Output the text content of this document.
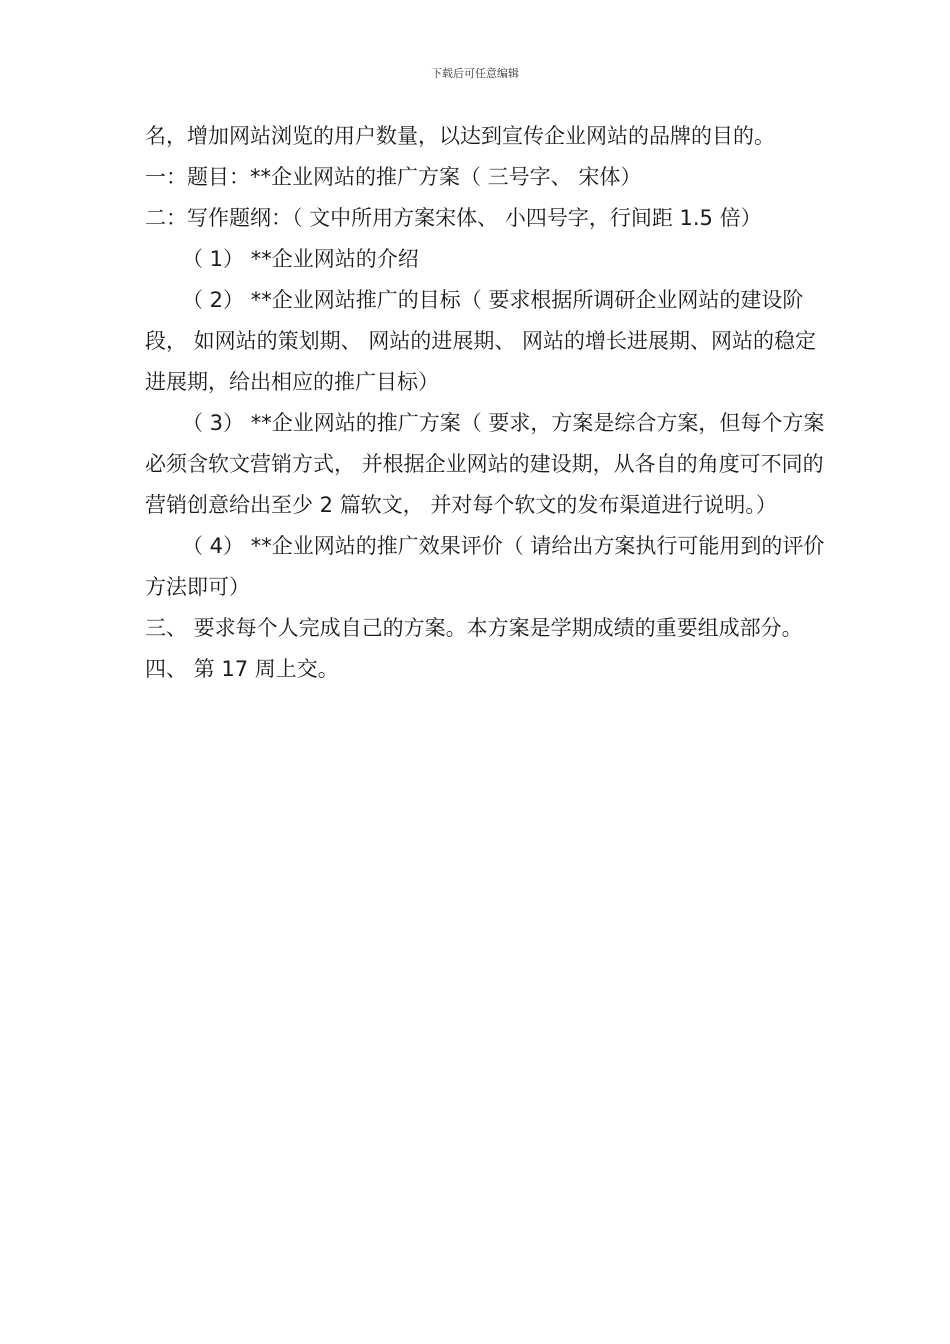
下载后可任意编辑

名，增加网站浏览的用户数量，以达到宣传企业网站的品牌的目的。

一：题目：**企业网站的推广方案（ 三号字、 宋体）

二：写作题纲：（ 文中所用方案宋体、 小四号字，行间距 1.5 倍）

（ 1） **企业网站的介绍

（ 2） **企业网站推广的目标（ 要求根据所调研企业网站的建设阶段， 如网站的策划期、 网站的进展期、 网站的增长进展期、网站的稳定进展期，给出相应的推广目标）

（ 3） **企业网站的推广方案（ 要求，方案是综合方案，但每个方案必须含软文营销方式， 并根据企业网站的建设期，从各自的角度可不同的营销创意给出至少 2 篇软文， 并对每个软文的发布渠道进行说明。）

（ 4） **企业网站的推广效果评价（ 请给出方案执行可能用到的评价方法即可）

三、 要求每个人完成自己的方案。本方案是学期成绩的重要组成部分。

四、 第 17 周上交。
